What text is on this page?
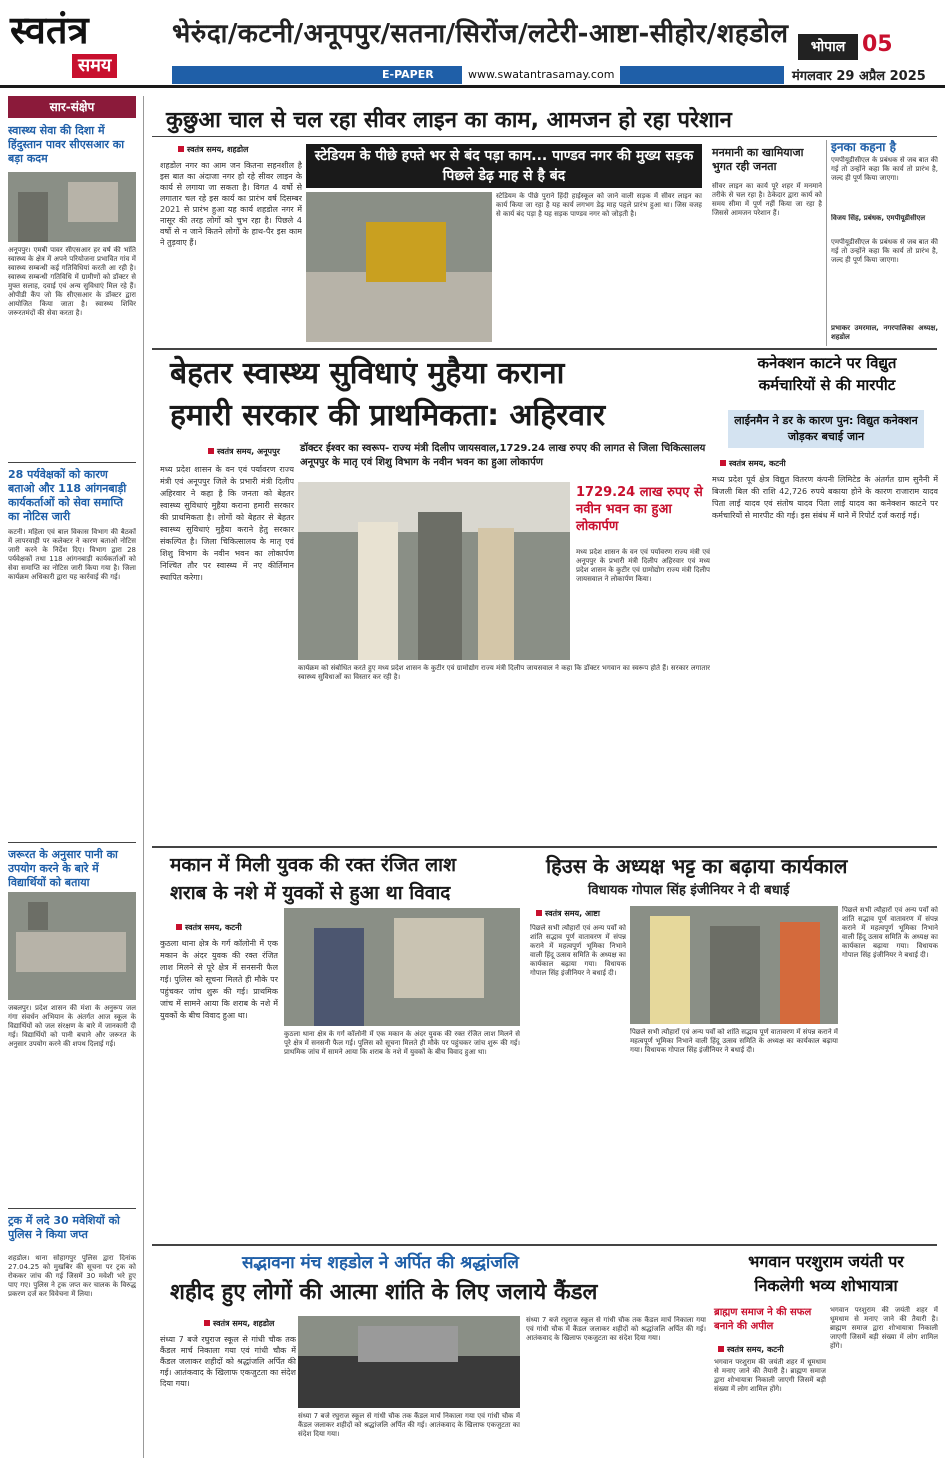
स्वतंत्र
समय
भेरुंदा/कटनी/अनूपपुर/सतना/सिरोंज/लटेरी-आष्टा-सीहोर/शहडोल	भोपाल 05
E-PAPER	www.swatantrasamay.com	मंगलवार 29 अप्रैल 2025
सार-संक्षेप
स्वास्थ्य सेवा की दिशा में हिंदुस्तान पावर सीएसआर का बड़ा कदम
अनूपपुर। एमबी पावर सीएसआर हर वर्ष की भांति स्वास्थ्य के क्षेत्र में अपने परियोजना प्रभावित गांव में स्वास्थ्य सम्बन्धी कई गतिविधियां करती आ रही है। स्वास्थ्य सम्बन्धी गतिविधि में ग्रामीणों को डॉक्टर से मुफ्त सलाह, दवाई एवं अन्य सुविधाएं मिल रहे हैं। ओपीडी कैंप जो कि सीएसआर के डॉक्टर द्वारा आयोजित किया जाता है। स्वास्थ्य शिविर जरूरतमंदों की सेवा करता है।
28 पर्यवेक्षकों को कारण बताओ और 118 आंगनबाड़ी कार्यकर्ताओं को सेवा समाप्ति का नोटिस जारी
कटनी। महिला एवं बाल विकास विभाग की बैठकों में लापरवाही पर कलेक्टर ने कारण बताओ नोटिस जारी करने के निर्देश दिए। विभाग द्वारा 28 पर्यवेक्षकों तथा 118 आंगनबाड़ी कार्यकर्ताओं को सेवा समाप्ति का नोटिस जारी किया गया है। जिला कार्यक्रम अधिकारी द्वारा यह कार्रवाई की गई।
जरूरत के अनुसार पानी का उपयोग करने के बारे में विद्यार्थियों को बताया
जबलपुर। प्रदेश शासन की मंशा के अनुरूप जल गंगा संवर्धन अभियान के अंतर्गत आज स्कूल के विद्यार्थियों को जल संरक्षण के बारे में जानकारी दी गई। विद्यार्थियों को पानी बचाने और जरूरत के अनुसार उपयोग करने की शपथ दिलाई गई।
ट्रक में लदे 30 मवेशियों को पुलिस ने किया जप्त
शहडोल। थाना सोहागपुर पुलिस द्वारा दिनांक 27.04.25 को मुखबिर की सूचना पर ट्रक को रोककर जांच की गई जिसमें 30 मवेशी भरे हुए पाए गए। पुलिस ने ट्रक जप्त कर चालक के विरुद्ध प्रकरण दर्ज कर विवेचना में लिया।
कुछुआ चाल से चल रहा सीवर लाइन का काम, आमजन हो रहा परेशान
स्वतंत्र समय, शहडोल
शहडोल नगर का आम जन कितना सहनशील है इस बात का अंदाजा नगर हो रहे सीवर लाइन के कार्य से लगाया जा सकता है। विगत 4 वर्षो से लगातार चल रहे इस कार्य का प्रारंभ वर्ष दिसम्बर 2021 से प्रारंभ हुआ यह कार्य शहडोल नगर में नासूर की तरह लोगों को चुभ रहा है। पिछले 4 वर्षो से न जाने कितने लोगों के हाथ-पैर इस काम ने तुड़वाए हैं।
स्टेडियम के पीछे हफ्ते भर से बंद पड़ा काम... पाण्डव नगर की मुख्य सड़क पिछले डेढ़ माह से है बंद
स्टेडियम के पीछे पुराने हिंदी हाईस्कूल को जाने वाली सड़क में सीवर लाइन का कार्य किया जा रहा है यह कार्य लगभग डेढ़ माह पहले प्रारंभ हुआ था। जिस वजह से कार्य बंद पड़ा है यह सड़क पाण्डव नगर को जोड़ती है।
मनमानी का खामियाजा भुगत रही जनता
सीवर लाइन का कार्य पूरे शहर में मनमाने तरीके से चल रहा है। ठेकेदार द्वारा कार्य को समय सीमा में पूर्ण नहीं किया जा रहा है जिससे आमजन परेशान हैं।
इनका कहना है
एमपीयूडीसीएल के प्रबंधक से जब बात की गई तो उन्होंने कहा कि कार्य तो प्रारंभ है, जल्द ही पूर्ण किया जाएगा।
विजय सिंह, प्रबंधक, एमपीयूडीसीएल
एमपीयूडीसीएल के प्रबंधक से जब बात की गई तो उन्होंने कहा कि कार्य तो प्रारंभ है, जल्द ही पूर्ण किया जाएगा।
प्रभाकर उमरमाल, नगरपालिका अध्यक्ष, शहडोल
बेहतर स्वास्थ्य सुविधाएं मुहैया कराना
हमारी सरकार की प्राथमिकता: अहिरवार
स्वतंत्र समय, अनूपपुर डॉक्टर ईश्वर का स्वरूप- राज्य मंत्री दिलीप जायसवाल,1729.24 लाख रुपए की लागत से जिला चिकित्सालय अनूपपुर के मातृ एवं शिशु विभाग के नवीन भवन का हुआ लोकार्पण
मध्य प्रदेश शासन के वन एवं पर्यावरण राज्य मंत्री एवं अनूपपुर जिले के प्रभारी मंत्री दिलीप अहिरवार ने कहा है कि जनता को बेहतर स्वास्थ्य सुविधाएं मुहैया कराना हमारी सरकार की प्राथमिकता है। लोगों को बेहतर से बेहतर स्वास्थ्य सुविधाएं मुहैया कराने हेतु सरकार संकल्पित है। जिला चिकित्सालय के मातृ एवं शिशु विभाग के नवीन भवन का लोकार्पण निश्चित तौर पर स्वास्थ्य में नए कीर्तिमान स्थापित करेगा।
1729.24 लाख रुपए से नवीन भवन का हुआ लोकार्पण
मध्य प्रदेश शासन के वन एवं पर्यावरण राज्य मंत्री एवं अनूपपुर के प्रभारी मंत्री दिलीप अहिरवार एवं मध्य प्रदेश शासन के कुटीर एवं ग्रामोद्योग राज्य मंत्री दिलीप जायसवाल ने लोकार्पण किया।
कार्यक्रम को संबोधित करते हुए मध्य प्रदेश शासन के कुटीर एवं ग्रामोद्योग राज्य मंत्री दिलीप जायसवाल ने कहा कि डॉक्टर भगवान का स्वरूप होते हैं। सरकार लगातार स्वास्थ्य सुविधाओं का विस्तार कर रही है।
कनेक्शन काटने पर विद्युत
कर्मचारियों से की मारपीट
लाईनमैन ने डर के कारण पुन: विद्युत कनेक्शन जोड़कर बचाई जान
स्वतंत्र समय, कटनी
मध्य प्रदेश पूर्व क्षेत्र विद्युत वितरण कंपनी लिमिटेड के अंतर्गत ग्राम सुनैनी में बिजली बिल की राशि 42,726 रुपये बकाया होने के कारण राजाराम यादव पिता लाई यादव एवं संतोष यादव पिता लाई यादव का कनेक्शन काटने पर कर्मचारियों से मारपीट की गई। इस संबंध में थाने में रिपोर्ट दर्ज कराई गई।
मकान में मिली युवक की रक्त रंजित लाश
शराब के नशे में युवकों से हुआ था विवाद
स्वतंत्र समय, कटनी
कुठला थाना क्षेत्र के गर्ग कॉलोनी में एक मकान के अंदर युवक की रक्त रंजित लाश मिलने से पूरे क्षेत्र में सनसनी फैल गई। पुलिस को सूचना मिलते ही मौके पर पहुंचकर जांच शुरू की गई। प्राथमिक जांच में सामने आया कि शराब के नशे में युवकों के बीच विवाद हुआ था।
कुठला थाना क्षेत्र के गर्ग कॉलोनी में एक मकान के अंदर युवक की रक्त रंजित लाश मिलने से पूरे क्षेत्र में सनसनी फैल गई। पुलिस को सूचना मिलते ही मौके पर पहुंचकर जांच शुरू की गई। प्राथमिक जांच में सामने आया कि शराब के नशे में युवकों के बीच विवाद हुआ था।
हिउस के अध्यक्ष भट्ट का बढ़ाया कार्यकाल
विधायक गोपाल सिंह इंजीनियर ने दी बधाई
स्वतंत्र समय, आष्टा
पिछले सभी त्यौहारों एवं अन्य पर्वों को शांति सद्भाव पूर्ण वातावरण में संपन्न कराने में महत्वपूर्ण भूमिका निभाने वाली हिंदू उत्सव समिति के अध्यक्ष का कार्यकाल बढ़ाया गया। विधायक गोपाल सिंह इंजीनियर ने बधाई दी।
पिछले सभी त्यौहारों एवं अन्य पर्वों को शांति सद्भाव पूर्ण वातावरण में संपन्न कराने में महत्वपूर्ण भूमिका निभाने वाली हिंदू उत्सव समिति के अध्यक्ष का कार्यकाल बढ़ाया गया। विधायक गोपाल सिंह इंजीनियर ने बधाई दी।
पिछले सभी त्यौहारों एवं अन्य पर्वों को शांति सद्भाव पूर्ण वातावरण में संपन्न कराने में महत्वपूर्ण भूमिका निभाने वाली हिंदू उत्सव समिति के अध्यक्ष का कार्यकाल बढ़ाया गया। विधायक गोपाल सिंह इंजीनियर ने बधाई दी।
सद्भावना मंच शहडोल ने अर्पित की श्रद्धांजलि
शहीद हुए लोगों की आत्मा शांति के लिए जलाये कैंडल
स्वतंत्र समय, शहडोल
संध्या 7 बजे रघुराज स्कूल से गांधी चौक तक कैंडल मार्च निकाला गया एवं गांधी चौक में कैंडल जलाकर शहीदों को श्रद्धांजलि अर्पित की गई। आतंकवाद के खिलाफ एकजुटता का संदेश दिया गया।
संध्या 7 बजे रघुराज स्कूल से गांधी चौक तक कैंडल मार्च निकाला गया एवं गांधी चौक में कैंडल जलाकर शहीदों को श्रद्धांजलि अर्पित की गई। आतंकवाद के खिलाफ एकजुटता का संदेश दिया गया।
संध्या 7 बजे रघुराज स्कूल से गांधी चौक तक कैंडल मार्च निकाला गया एवं गांधी चौक में कैंडल जलाकर शहीदों को श्रद्धांजलि अर्पित की गई। आतंकवाद के खिलाफ एकजुटता का संदेश दिया गया।
भगवान परशुराम जयंती पर
निकलेगी भव्य शोभायात्रा
ब्राह्मण समाज ने की सफल बनाने की अपील
स्वतंत्र समय, कटनी
भगवान परशुराम की जयंती शहर में धूमधाम से मनाए जाने की तैयारी है। ब्राह्मण समाज द्वारा शोभायात्रा निकाली जाएगी जिसमें बड़ी संख्या में लोग शामिल होंगे।
भगवान परशुराम की जयंती शहर में धूमधाम से मनाए जाने की तैयारी है। ब्राह्मण समाज द्वारा शोभायात्रा निकाली जाएगी जिसमें बड़ी संख्या में लोग शामिल होंगे।
